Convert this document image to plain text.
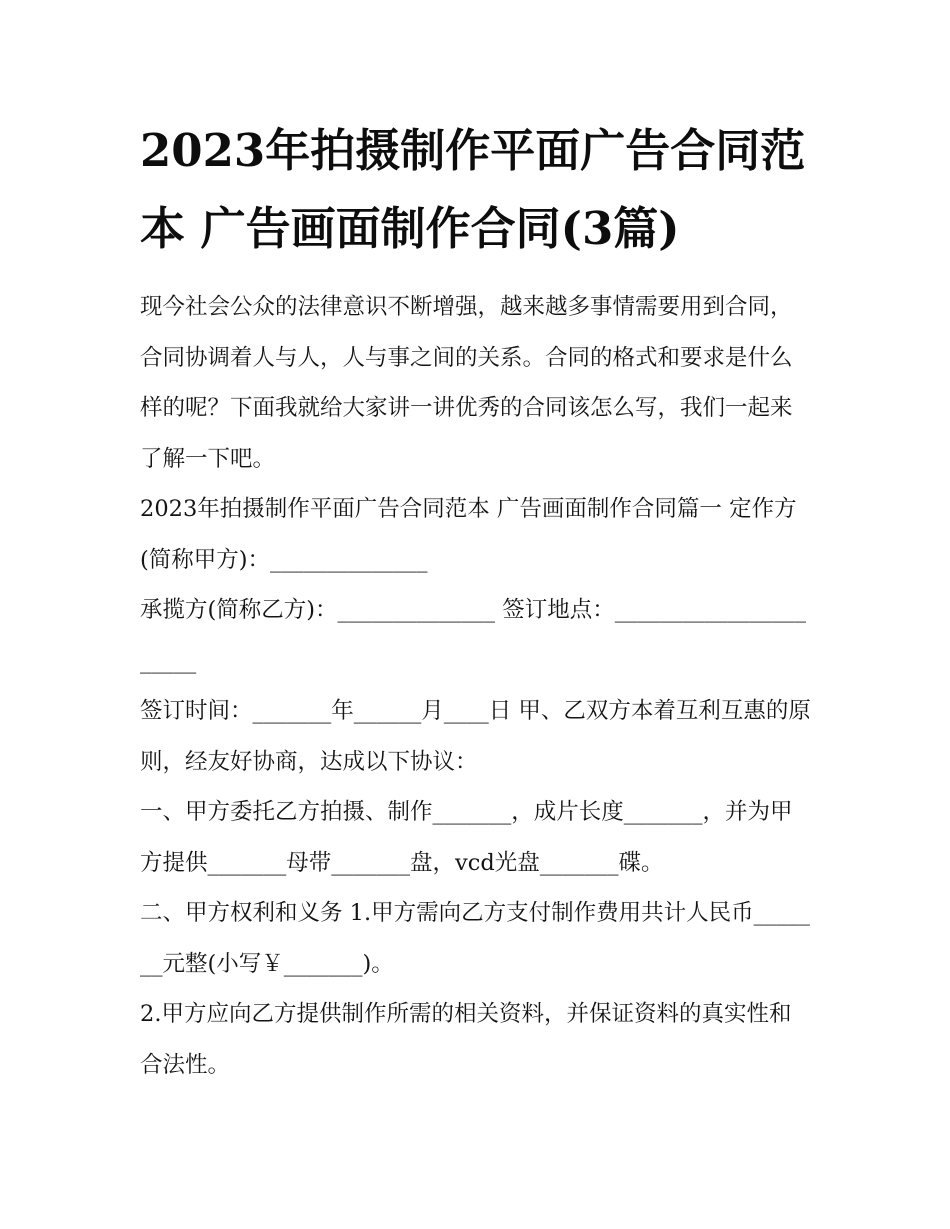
2023年拍摄制作平面广告合同范本 广告画面制作合同(3篇)

现今社会公众的法律意识不断增强，越来越多事情需要用到合同，合同协调着人与人，人与事之间的关系。合同的格式和要求是什么样的呢？下面我就给大家讲一讲优秀的合同该怎么写，我们一起来了解一下吧。

2023年拍摄制作平面广告合同范本 广告画面制作合同篇一 定作方(简称甲方)：______________

承揽方(简称乙方)：______________ 签订地点：______________________

签订时间：_______年______月____日 甲、乙双方本着互利互惠的原则，经友好协商，达成以下协议：

一、甲方委托乙方拍摄、制作_______，成片长度_______，并为甲方提供_______母带_______盘，vcd光盘_______碟。

二、甲方权利和义务 1.甲方需向乙方支付制作费用共计人民币_______元整(小写￥_______)。

2.甲方应向乙方提供制作所需的相关资料，并保证资料的真实性和合法性。
